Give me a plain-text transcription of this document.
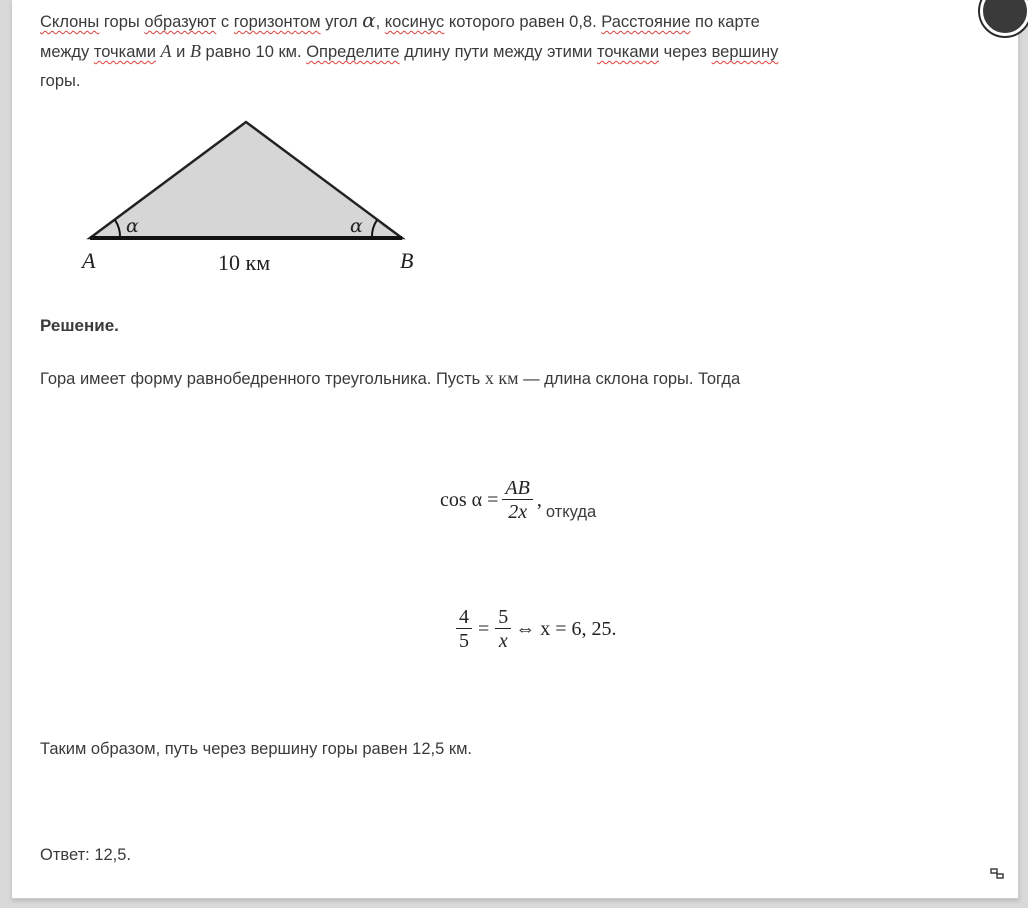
Склоны горы образуют с горизонтом угол α, косинус которого равен 0,8. Расстояние по карте
между точками A и B равно 10 км. Определите длину пути между этими точками через вершину
горы.
α	α
A	B
10 км
Решение.
Гора имеет форму равнобедренного треугольника. Пусть x км — длина склона горы. Тогда
$\cos \alpha = \frac{AB}{2x}$ ,
откуда
$\frac{4}{5} = \frac{5}{x}$ ⇔ x = 6, 25.
Таким образом, путь через вершину горы равен 12,5 км.
Ответ: 12,5.
